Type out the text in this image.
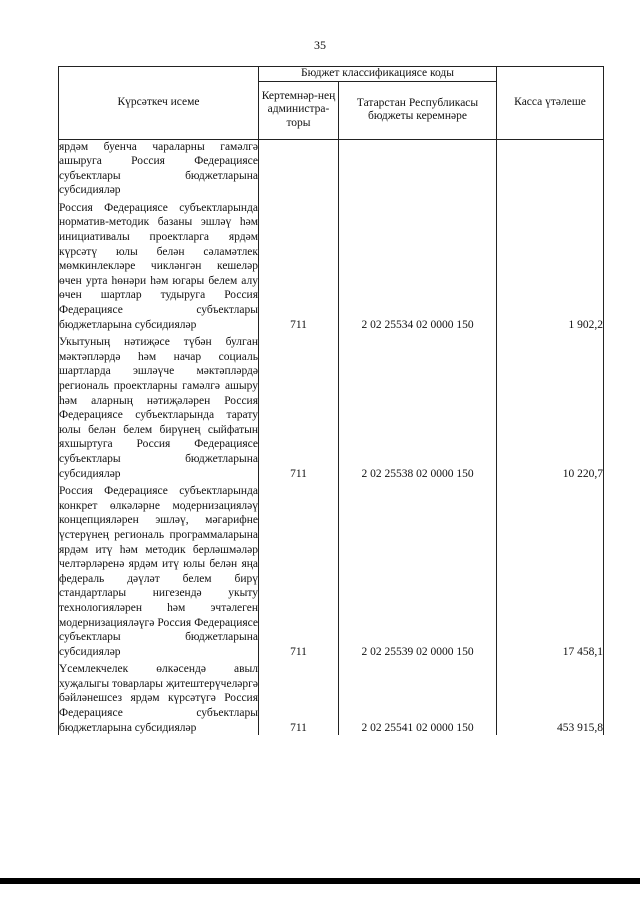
35
Күрсәткеч исеме	Бюджет классификациясе коды		Касса үтәлеше
	Кертемнәр-нең администра-торы	Татарстан Республикасы бюджеты керемнәре	
ярдәм буенча чараларны гамәлгә ашыруга Россия Федерациясе субъектлары бюджетларына субсидияләр			

Россия Федерациясе субъектларында норматив-методик базаны эшләү һәм инициативалы проектларга ярдәм күрсәтү юлы белән сәламәтлек мөмкинлекләре чикләнгән кешеләр өчен урта һөнәри һәм югары белем алу өчен шартлар тудыруга Россия Федерациясе субъектлары бюджетларына субсидияләр	711	2 02 25534 02 0000 150	1 902,2

Укытуның нәтиҗәсе түбән булган мәктәпләрдә һәм начар социаль шартларда эшләүче мәктәпләрдә региональ проектларны гамәлгә ашыру һәм аларның нәтиҗәләрен Россия Федерациясе субъектларында тарату юлы белән белем бирүнең сыйфатын яхшыртуга Россия Федерациясе субъектлары бюджетларына субсидияләр	711	2 02 25538 02 0000 150	10 220,7

Россия Федерациясе субъектларында конкрет өлкәләрне модернизацияләү концепцияләрен эшләү, мәгарифне үстерүнең региональ программаларына ярдәм итү һәм методик берләшмәләр челтәрләренә ярдәм итү юлы белән яңа федераль дәүләт белем бирү стандартлары нигезендә укыту технологияләрен һәм эчтәлеген модернизацияләүгә Россия Федерациясе субъектлары бюджетларына субсидияләр	711	2 02 25539 02 0000 150	17 458,1

Үсемлекчелек өлкәсендә авыл хуҗалыгы товарлары җитештерүчеләргә бәйләнешсез ярдәм күрсәтүгә Россия Федерациясе субъектлары бюджетларына субсидияләр	711	2 02 25541 02 0000 150	453 915,8
